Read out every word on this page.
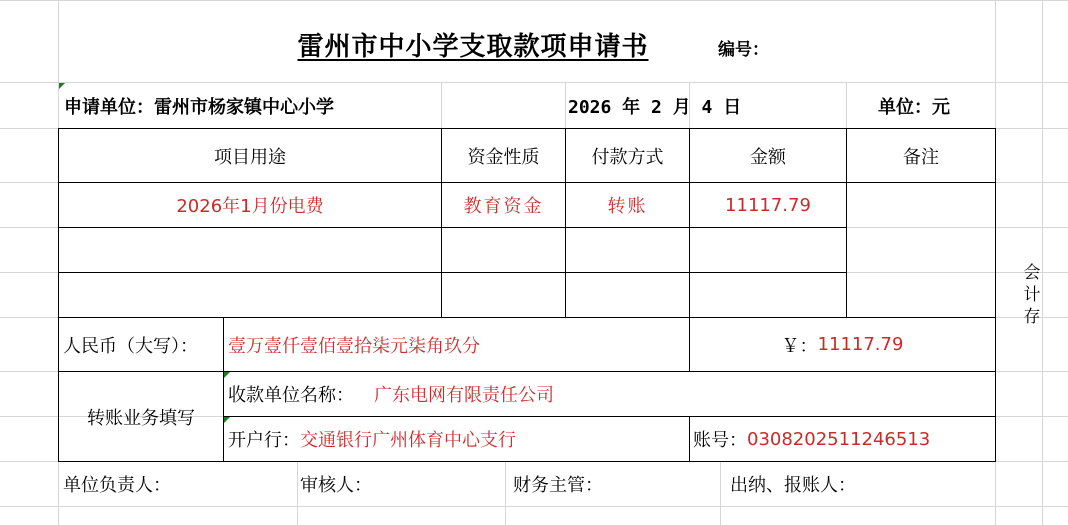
雷州市中小学支取款项申请书	编号：
申请单位：雷州市杨家镇中心小学	2026 年 2 月 4 日	单位：元
项目用途	资金性质	付款方式	金额	备注
2026年1月份电费	教育资金	转账	11117.79
会
计
存
人民币（大写）：	壹万壹仟壹佰壹拾柒元柒角玖分	￥： 11117.79
转账业务填写
收款单位名称： 广东电网有限责任公司
开户行： 交通银行广州体育中心支行	账号： 0308202511246513
单位负责人：	审核人：	财务主管：	出纳、报账人：
